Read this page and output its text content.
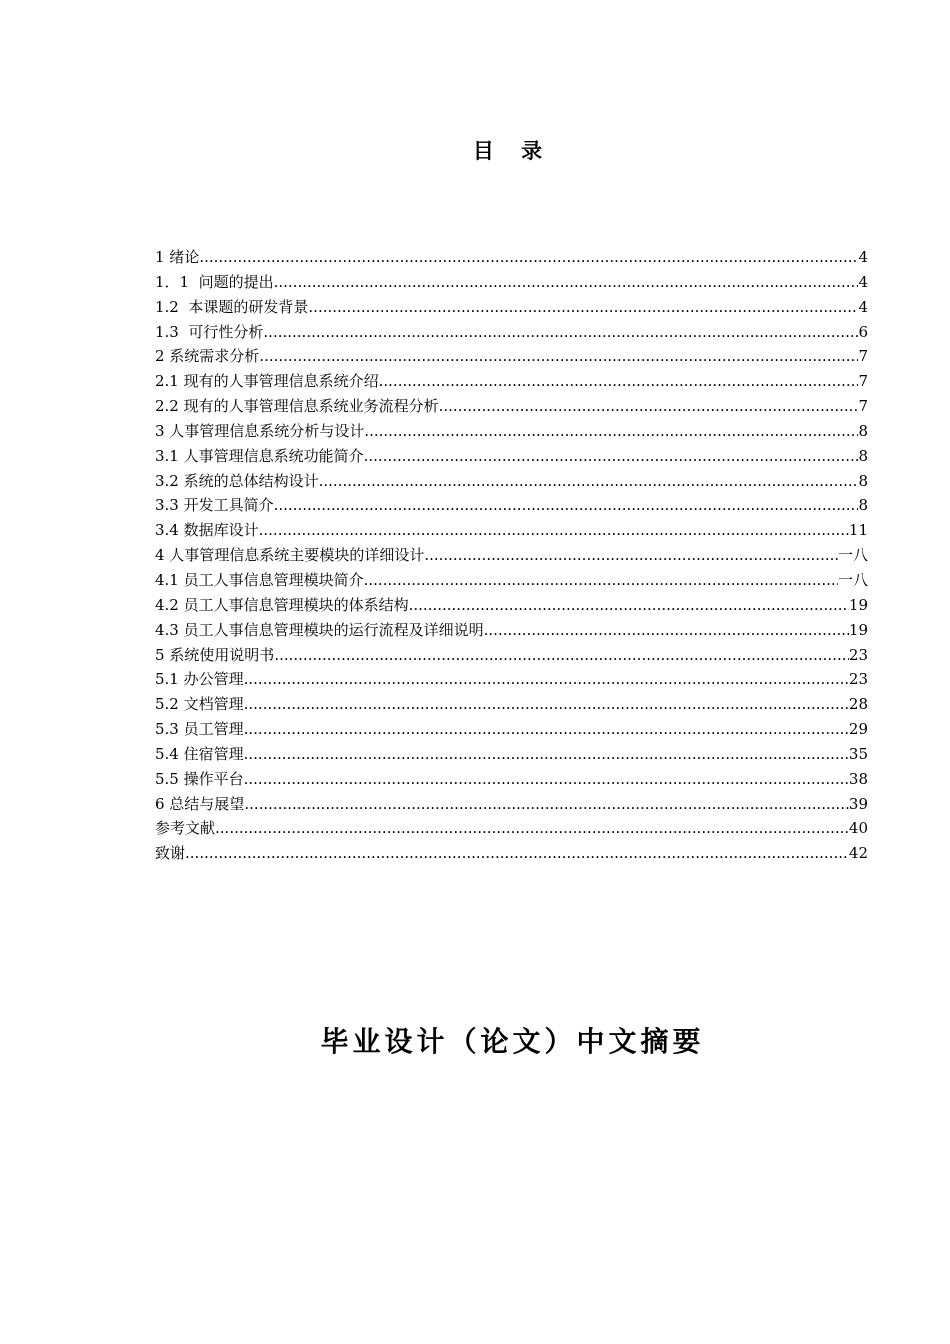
目 录
1 绪论 .....	4
1．1  问题的提出 .....	4
1.2  本课题的研发背景 .....	4
1.3  可行性分析 .....	6
2 系统需求分析 .....	7
2.1 现有的人事管理信息系统介绍 .....	7
2.2 现有的人事管理信息系统业务流程分析 .....	7
3 人事管理信息系统分析与设计 .....	8
3.1 人事管理信息系统功能简介 .....	8
3.2 系统的总体结构设计 .....	8
3.3 开发工具简介 .....	8
3.4 数据库设计 .....	11
4 人事管理信息系统主要模块的详细设计 .....	一八
4.1 员工人事信息管理模块简介 .....	一八
4.2 员工人事信息管理模块的体系结构 .....	19
4.3 员工人事信息管理模块的运行流程及详细说明 .....	19
5 系统使用说明书 .....	23
5.1 办公管理 .....	23
5.2 文档管理 .....	28
5.3 员工管理 .....	29
5.4 住宿管理 .....	35
5.5 操作平台 .....	38
6 总结与展望 .....	39
参考文献 .....	40
致谢 .....	42
毕业设计（论文）中文摘要
